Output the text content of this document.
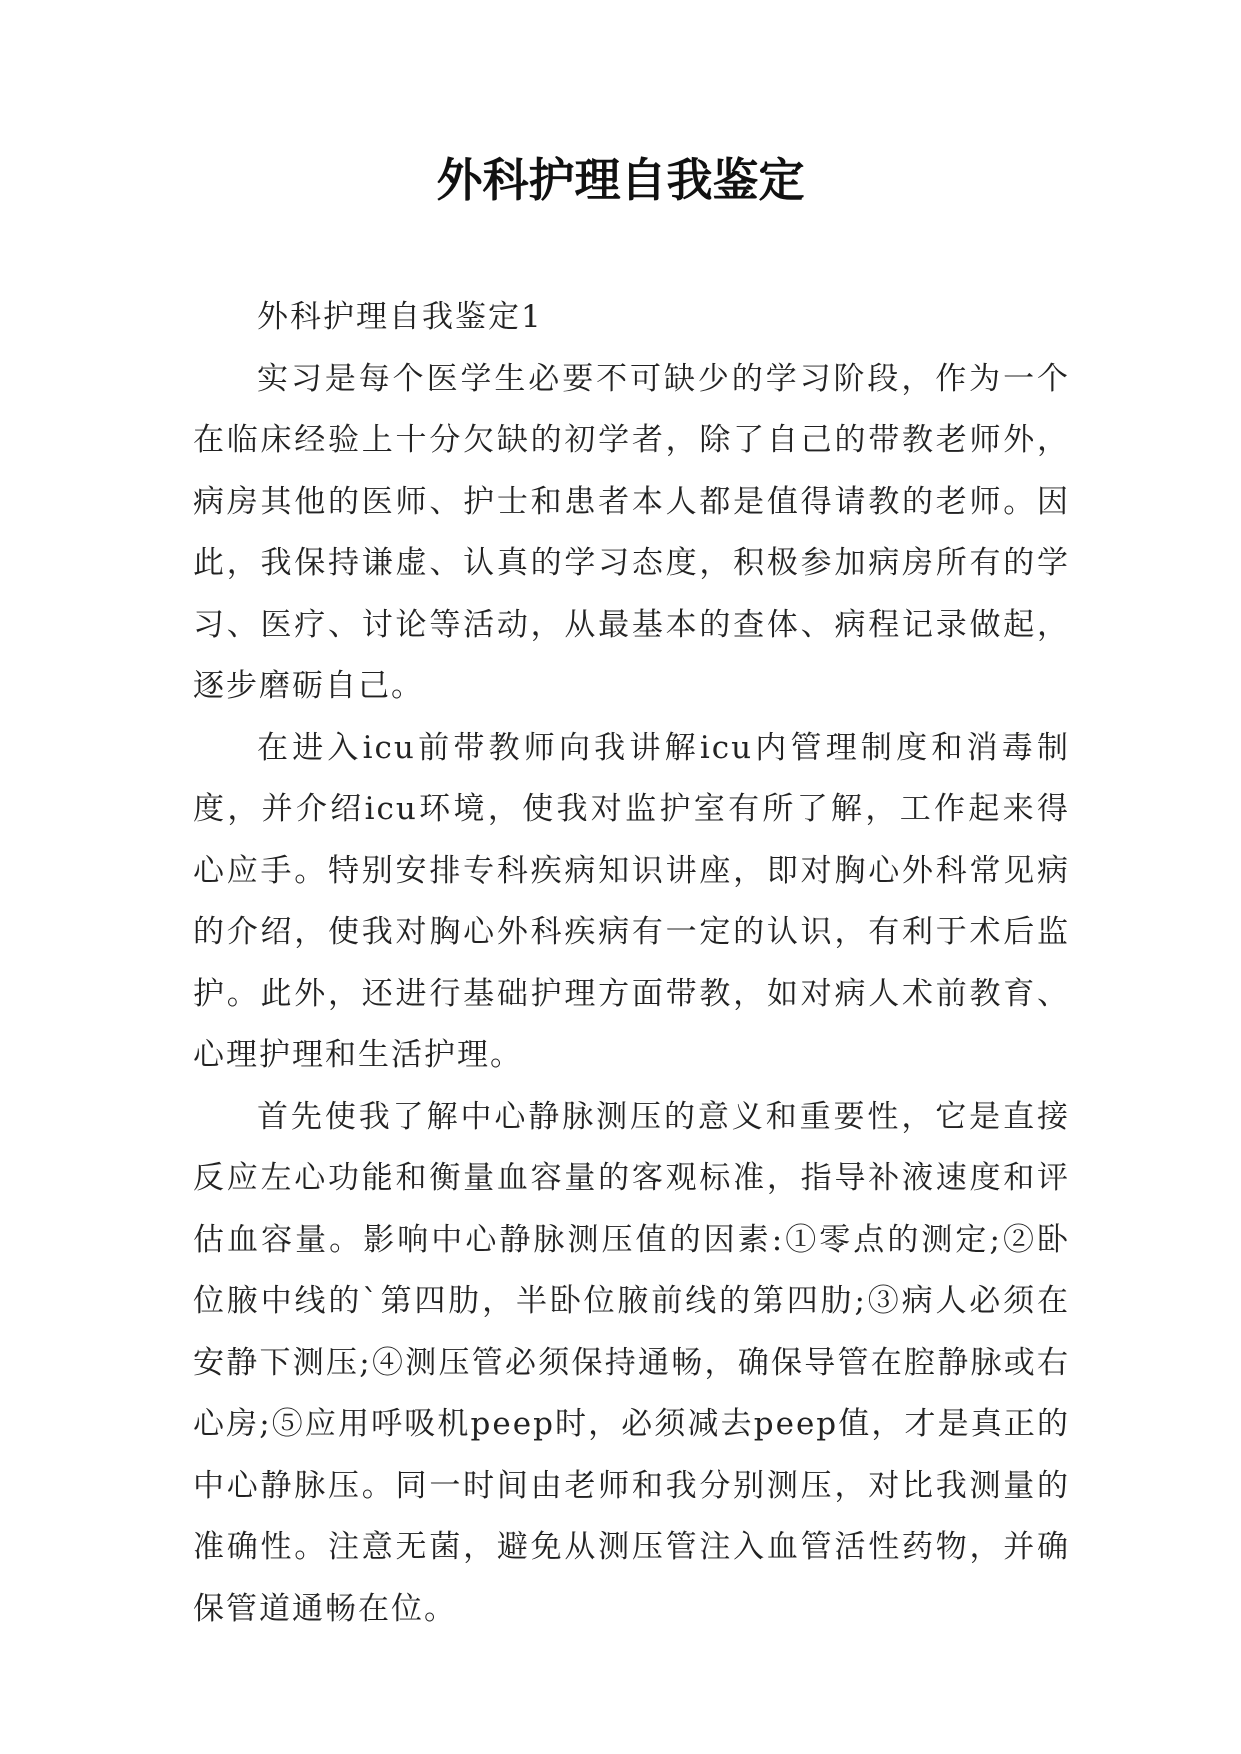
外科护理自我鉴定

外科护理自我鉴定1

实习是每个医学生必要不可缺少的学习阶段，作为一个在临床经验上十分欠缺的初学者，除了自己的带教老师外，病房其他的医师、护士和患者本人都是值得请教的老师。因此，我保持谦虚、认真的学习态度，积极参加病房所有的学习、医疗、讨论等活动，从最基本的查体、病程记录做起，逐步磨砺自己。

在进入icu前带教师向我讲解icu内管理制度和消毒制度，并介绍icu环境，使我对监护室有所了解，工作起来得心应手。特别安排专科疾病知识讲座，即对胸心外科常见病的介绍，使我对胸心外科疾病有一定的认识，有利于术后监护。此外，还进行基础护理方面带教，如对病人术前教育、心理护理和生活护理。

首先使我了解中心静脉测压的意义和重要性，它是直接反应左心功能和衡量血容量的客观标准，指导补液速度和评估血容量。影响中心静脉测压值的因素:①零点的测定;②卧位腋中线的`第四肋，半卧位腋前线的第四肋;③病人必须在安静下测压;④测压管必须保持通畅，确保导管在腔静脉或右心房;⑤应用呼吸机peep时，必须减去peep值，才是真正的中心静脉压。同一时间由老师和我分别测压，对比我测量的准确性。注意无菌，避免从测压管注入血管活性药物，并确保管道通畅在位。
